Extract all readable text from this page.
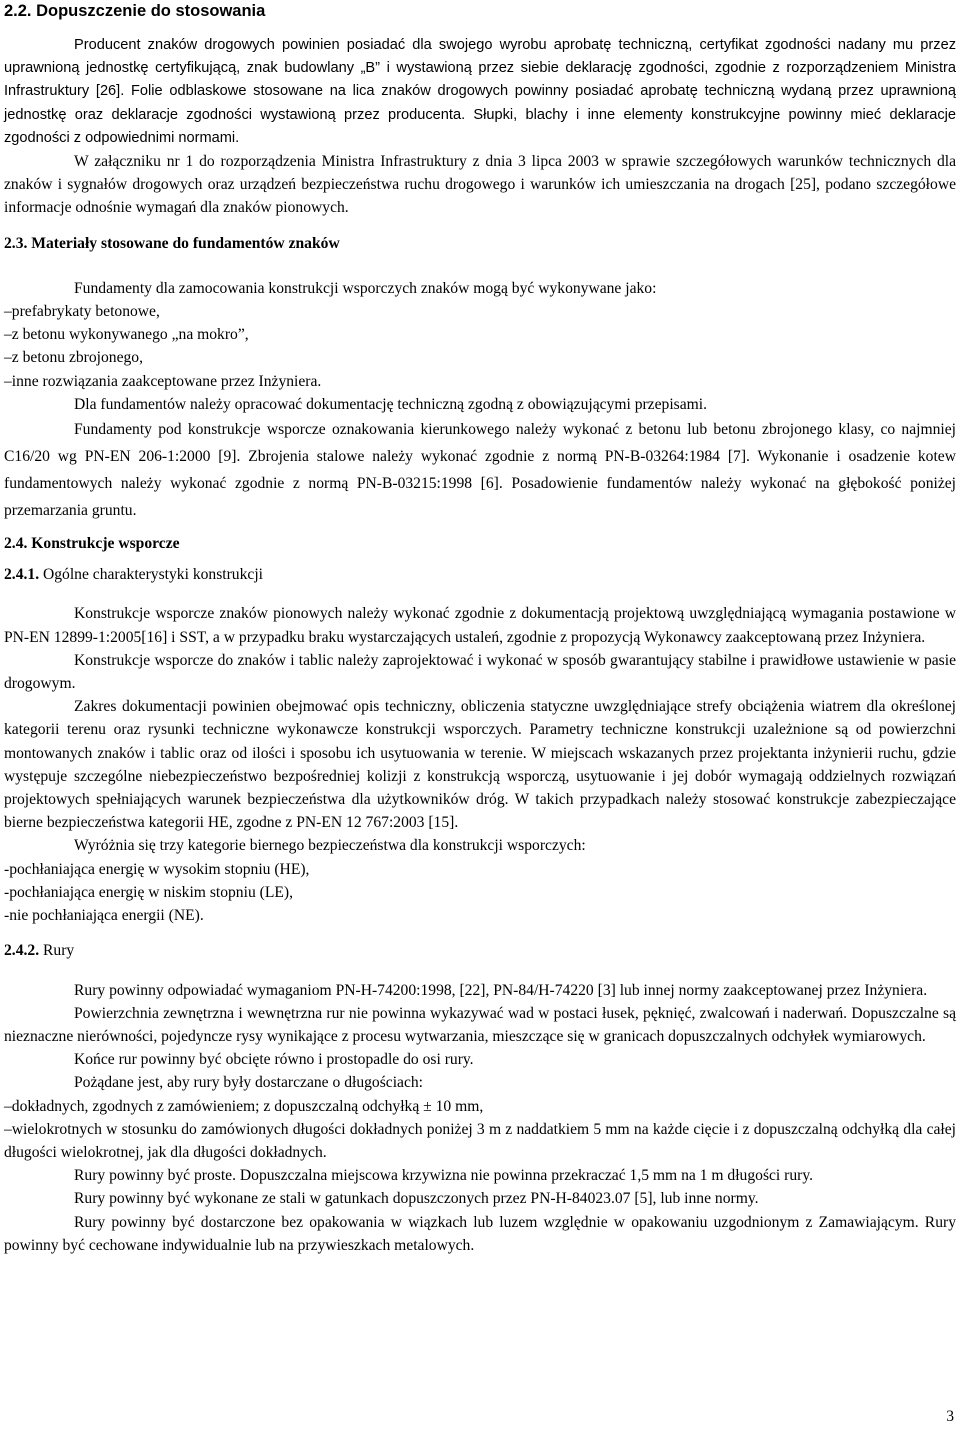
2.2. Dopuszczenie do stosowania

Producent znaków drogowych powinien posiadać dla swojego wyrobu aprobatę techniczną, certyfikat zgodności nadany mu przez uprawnioną jednostkę certyfikującą, znak budowlany „B” i wystawioną przez siebie deklarację zgodności, zgodnie z rozporządzeniem Ministra Infrastruktury [26]. Folie odblaskowe stosowane na lica znaków drogowych powinny posiadać aprobatę techniczną wydaną przez uprawnioną jednostkę oraz deklaracje zgodności wystawioną przez producenta. Słupki, blachy i inne elementy konstrukcyjne powinny mieć deklaracje zgodności z odpowiednimi normami.

W załączniku nr 1 do rozporządzenia Ministra Infrastruktury z dnia 3 lipca 2003 w sprawie szczegółowych warunków technicznych dla znaków i sygnałów drogowych oraz urządzeń bezpieczeństwa ruchu drogowego i warunków ich umieszczania na drogach [25], podano szczegółowe informacje odnośnie wymagań dla znaków pionowych.

2.3. Materiały stosowane do fundamentów znaków

Fundamenty dla zamocowania konstrukcji wsporczych znaków mogą być wykonywane jako:

– prefabrykaty betonowe,

– z betonu wykonywanego „na mokro”,

– z betonu zbrojonego,

– inne rozwiązania zaakceptowane przez Inżyniera.

Dla fundamentów należy opracować dokumentację techniczną zgodną z obowiązującymi przepisami.

Fundamenty pod konstrukcje wsporcze oznakowania kierunkowego należy wykonać z betonu lub betonu zbrojonego klasy, co najmniej C16/20 wg PN-EN 206-1:2000 [9]. Zbrojenia stalowe należy wykonać zgodnie z normą PN-B-03264:1984 [7]. Wykonanie i osadzenie kotew fundamentowych należy wykonać zgodnie z normą PN-B-03215:1998 [6]. Posadowienie fundamentów należy wykonać na głębokość poniżej przemarzania gruntu.

2.4. Konstrukcje wsporcze
2.4.1. Ogólne charakterystyki konstrukcji

Konstrukcje wsporcze znaków pionowych należy wykonać zgodnie z dokumentacją projektową uwzględniającą wymagania postawione w PN-EN 12899-1:2005[16] i SST, a w przypadku braku wystarczających ustaleń, zgodnie z propozycją Wykonawcy zaakceptowaną przez Inżyniera.

Konstrukcje wsporcze do znaków i tablic należy zaprojektować i wykonać w sposób gwarantujący stabilne i prawidłowe ustawienie w pasie drogowym.

Zakres dokumentacji powinien obejmować opis techniczny, obliczenia statyczne uwzględniające strefy obciążenia wiatrem dla określonej kategorii terenu oraz rysunki techniczne wykonawcze konstrukcji wsporczych. Parametry techniczne konstrukcji uzależnione są od powierzchni montowanych znaków i tablic oraz od ilości i sposobu ich usytuowania w terenie. W miejscach wskazanych przez projektanta inżynierii ruchu, gdzie występuje szczególne niebezpieczeństwo bezpośredniej kolizji z konstrukcją wsporczą, usytuowanie i jej dobór wymagają oddzielnych rozwiązań projektowych spełniających warunek bezpieczeństwa dla użytkowników dróg. W takich przypadkach należy stosować konstrukcje zabezpieczające bierne bezpieczeństwa kategorii HE, zgodne z PN-EN 12 767:2003 [15].

Wyróżnia się trzy kategorie biernego bezpieczeństwa dla konstrukcji wsporczych:

-pochłaniająca energię w wysokim stopniu (HE),

-pochłaniająca energię w niskim stopniu (LE),

-nie pochłaniająca energii (NE).

2.4.2. Rury

Rury powinny odpowiadać wymaganiom PN-H-74200:1998, [22], PN-84/H-74220 [3] lub innej normy zaakceptowanej przez Inżyniera.

Powierzchnia zewnętrzna i wewnętrzna rur nie powinna wykazywać wad w postaci łusek, pęknięć, zwalcowań i naderwań. Dopuszczalne są nieznaczne nierówności, pojedyncze rysy wynikające z procesu wytwarzania, mieszczące się w granicach dopuszczalnych odchyłek wymiarowych.

Końce rur powinny być obcięte równo i prostopadle do osi rury.

Pożądane jest, aby rury były dostarczane o długościach:

– dokładnych, zgodnych z zamówieniem; z dopuszczalną odchyłką ± 10 mm,

– wielokrotnych w stosunku do zamówionych długości dokładnych poniżej 3 m z naddatkiem 5 mm na każde cięcie i z dopuszczalną odchyłką dla całej długości wielokrotnej, jak dla długości dokładnych.

Rury powinny być proste. Dopuszczalna miejscowa krzywizna nie powinna przekraczać 1,5 mm na 1 m długości rury.

Rury powinny być wykonane ze stali w gatunkach dopuszczonych przez PN-H-84023.07 [5], lub inne normy.

Rury powinny być dostarczone bez opakowania w wiązkach lub luzem względnie w opakowaniu uzgodnionym z Zamawiającym. Rury powinny być cechowane indywidualnie lub na przywieszkach metalowych.

3
